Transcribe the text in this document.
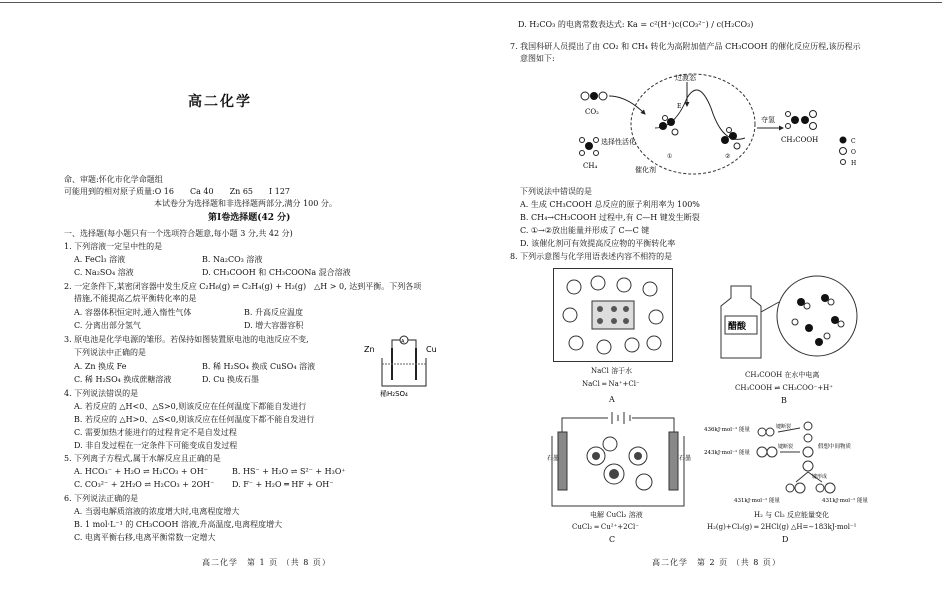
高二化学
命、审题:怀化市化学命题组
可能用到的相对原子质量:O 16　　Ca 40　　Zn 65　　I 127
本试卷分为选择题和非选择题两部分,满分 100 分。
第Ⅰ卷选择题(42 分)
一、选择题(每小题只有一个选项符合题意,每小题 3 分,共 42 分)
1. 下列溶液一定呈中性的是
A. FeCl₃ 溶液	B. Na₂CO₃ 溶液
C. Na₂SO₄ 溶液	D. CH₃COOH 和 CH₃COONa 混合溶液
2. 一定条件下,某密闭容器中发生反应 C₂H₆(g) ⇌ C₂H₄(g) + H₂(g)　△H > 0, 达到平衡。下列各项
措施,不能提高乙烷平衡转化率的是
A. 容器体积恒定时,通入惰性气体	B. 升高反应温度
C. 分离出部分氢气	D. 增大容器容积
3. 原电池是化学电源的雏形。若保持如图装置原电池的电池反应不变,
下列说法中正确的是
A. Zn 换成 Fe	B. 稀 H₂SO₄ 换成 CuSO₄ 溶液
C. 稀 H₂SO₄ 换成蔗糖溶液	D. Cu 换成石墨
Zn	Cu
A
稀H₂SO₄
4. 下列说法错误的是
A. 若反应的 △H<0、△S>0,则该反应在任何温度下都能自发进行
B. 若反应的 △H>0、△S<0,则该反应在任何温度下都不能自发进行
C. 需要加热才能进行的过程肯定不是自发过程
D. 非自发过程在一定条件下可能变成自发过程
5. 下列离子方程式,属于水解反应且正确的是
A. HCO₃⁻ + H₂O ⇌ H₂CO₃ + OH⁻	B. HS⁻ + H₂O ⇌ S²⁻ + H₃O⁺
C. CO₃²⁻ + 2H₂O ⇌ H₂CO₃ + 2OH⁻ D. F⁻ + H₂O ═ HF + OH⁻
6. 下列说法正确的是
A. 当弱电解质溶液的浓度增大时,电离程度增大
B. 1 mol·L⁻¹ 的 CH₃COOH 溶液,升高温度,电离程度增大
C. 电离平衡右移,电离平衡常数一定增大
高二化学　第 1 页 （共 8 页）
D. H₂CO₃ 的电离常数表达式: Ka = c²(H⁺)c(CO₃²⁻) / c(H₂CO₃)
7. 我国科研人员提出了由 CO₂ 和 CH₄ 转化为高附加值产品 CH₃COOH 的催化反应历程,该历程示
意图如下:
CO₂
CH₄
选择性活化
过渡态
E
①	②
催化剂
夺氢
CH₃COOH	C
O
H
下列说法中错误的是
A. 生成 CH₃COOH 总反应的原子利用率为 100%
B. CH₄→CH₃COOH 过程中,有 C—H 键发生断裂
C. ①→②放出能量并形成了 C—C 键
D. 该催化剂可有效提高反应物的平衡转化率
8. 下列示意图与化学用语表述内容不相符的是
NaCl 溶于水
NaCl ═ Na⁺+Cl⁻
A
醋酸
CH₃COOH 在水中电离
CH₃COOH ⇌ CH₃COO⁻+H⁺
B
石墨	石墨
电解 CuCl₂ 溶液
CuCl₂ ═ Cu²⁺+2Cl⁻
C
436kJ·mol⁻¹ 能量
243kJ·mol⁻¹ 能量
431kJ·mol⁻¹ 能量	431kJ·mol⁻¹ 能量
键断裂
键断裂
键形成
假想中间物质
H₂ 与 Cl₂ 反应能量变化
H₂(g)+Cl₂(g) ═ 2HCl(g) △H=−183kJ·mol⁻¹
D
高二化学　第 2 页 （共 8 页）
